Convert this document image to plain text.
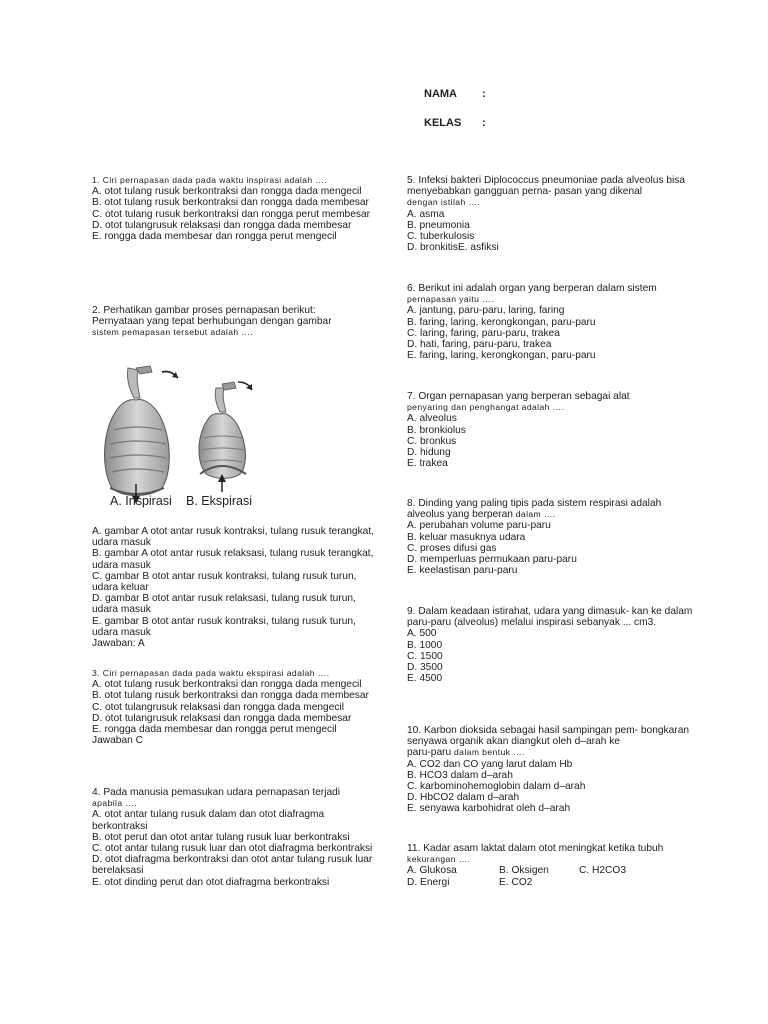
NAMA :
KELAS :

1. Ciri pernapasan dada pada waktu inspirasi adalah ….

A. otot tulang rusuk berkontraksi dan rongga dada mengecil

B. otot tulang rusuk berkontraksi dan rongga dada membesar

C. otot tulang rusuk berkontraksi dan rongga perut membesar

D. otot tulangrusuk relaksasi dan rongga dada membesar

E. rongga dada membesar dan rongga perut mengecil

2. Perhatikan gambar proses pernapasan berikut:

Pernyataan yang tepat berhubungan dengan gambar

sistem pemapasan tersebut adalah ….

A. Inspirasi B. Ekspirasi

A. gambar A otot antar rusuk kontraksi, tulang rusuk terangkat, udara masuk

B. gambar A otot antar rusuk relaksasi, tulang rusuk terangkat, udara masuk

C. gambar B otot antar rusuk kontraksi, tulang rusuk turun, udara keluar

D. gambar B otot antar rusuk relaksasi, tulang rusuk turun, udara masuk

E. gambar B otot antar rusuk kontraksi, tulang rusuk turun, udara masuk

Jawaban: A

3. Ciri pernapasan dada pada waktu ekspirasi adalah ….

A. otot tulang rusuk berkontraksi dan rongga dada mengecil

B. otot tulang rusuk berkontraksi dan rongga dada membesar

C. otot tulangrusuk relaksasi dan rongga dada mengecil

D. otot tulangrusuk relaksasi dan rongga dada membesar

E. rongga dada membesar dan rongga perut mengecil

Jawaban C

4. Pada manusia pemasukan udara pernapasan terjadi

apabila ….

A. otot antar tulang rusuk dalam dan otot diafragma berkontraksi

B. otot perut dan otot antar tulang rusuk luar berkontraksi

C. otot antar tulang rusuk luar dan otot diafragma berkontraksi

D. otot diafragma berkontraksi dan otot antar tulang rusuk luar berelaksasi

E. otot dinding perut dan otot diafragma berkontraksi

5. Infeksi bakteri Diplococcus pneumoniae pada alveolus bisa menyebabkan gangguan perna- pasan yang dikenal

dengan istilah ….

A. asma

B. pneumonia

C. tuberkulosis

D. bronkitisE. asfiksi

6. Berikut ini adalah organ yang berperan dalam sistem

pernapasan yaitu ….

A. jantung, paru-paru, laring, faring

B. faring, laring, kerongkongan, paru-paru

C. laring, faring, paru-paru, trakea

D. hati, faring, paru-paru, trakea

E. faring, laring, kerongkongan, paru-paru

7. Organ pernapasan yang berperan sebagai alat

penyaring dan penghangat adalah ….

A. alveolus

B. bronkiolus

C. bronkus

D. hidung

E. trakea

8. Dinding yang paling tipis pada sistem respirasi adalah

alveolus yang berperan dalam ….

A. perubahan volume paru-paru

B. keluar masuknya udara

C. proses difusi gas

D. memperluas permukaan paru-paru

E. keelastisan paru-paru

9. Dalam keadaan istirahat, udara yang dimasuk- kan ke dalam paru-paru (alveolus) melalui inspirasi sebanyak ... cm3.

A. 500

B. 1000

C. 1500

D. 3500

E. 4500

10. Karbon dioksida sebagai hasil sampingan pem- bongkaran senyawa organik akan diangkut oleh d–arah ke

paru-paru dalam bentuk ….

A. CO2 dan CO yang larut dalam Hb

B. HCO3 dalam d–arah

C. karbominohemoglobin dalam d–arah

D. HbCO2 dalam d–arah

E. senyawa karbohidrat oleh d–arah

11. Kadar asam laktat dalam otot meningkat ketika tubuh

kekurangan ….

A. Glukosa	B. Oksigen	C. H2CO3
D. Energi	E. CO2
